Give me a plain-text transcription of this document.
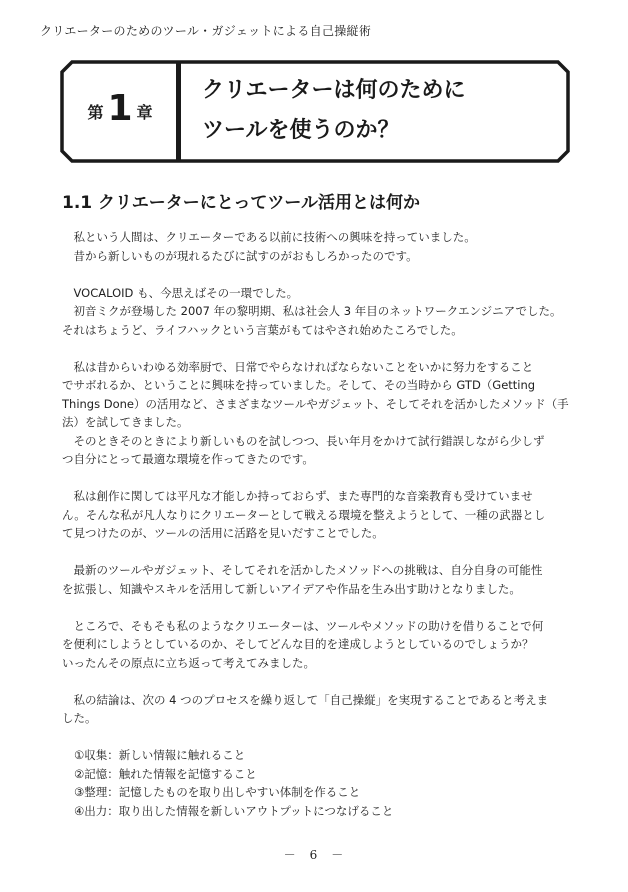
クリエーターのためのツール・ガジェットによる自己操縦術
第 1 章
クリエーターは何のために
ツールを使うのか？
1.1 クリエーターにとってツール活用とは何か

　私という人間は、クリエーターである以前に技術への興味を持っていました。

　昔から新しいものが現れるたびに試すのがおもしろかったのです。

　VOCALOID も、今思えばその一環でした。

　初音ミクが登場した 2007 年の黎明期、私は社会人 3 年目のネットワークエンジニアでした。

それはちょうど、ライフハックという言葉がもてはやされ始めたころでした。

　私は昔からいわゆる効率厨で、日常でやらなければならないことをいかに努力をすること

でサボれるか、ということに興味を持っていました。そして、その当時から GTD（Getting

Things Done）の活用など、さまざまなツールやガジェット、そしてそれを活かしたメソッド（手

法）を試してきました。

　そのときそのときにより新しいものを試しつつ、長い年月をかけて試行錯誤しながら少しず

つ自分にとって最適な環境を作ってきたのです。

　私は創作に関しては平凡な才能しか持っておらず、また専門的な音楽教育も受けていませ

ん。そんな私が凡人なりにクリエーターとして戦える環境を整えようとして、一種の武器とし

て見つけたのが、ツールの活用に活路を見いだすことでした。

　最新のツールやガジェット、そしてそれを活かしたメソッドへの挑戦は、自分自身の可能性

を拡張し、知識やスキルを活用して新しいアイデアや作品を生み出す助けとなりました。

　ところで、そもそも私のようなクリエーターは、ツールやメソッドの助けを借りることで何

を便利にしようとしているのか、そしてどんな目的を達成しようとしているのでしょうか？

いったんその原点に立ち返って考えてみました。

　私の結論は、次の 4 つのプロセスを繰り返して「自己操縦」を実現することであると考えま

した。

①収集：新しい情報に触れること

②記憶：触れた情報を記憶すること

③整理：記憶したものを取り出しやすい体制を作ること

④出力：取り出した情報を新しいアウトプットにつなげること

－　6　－
